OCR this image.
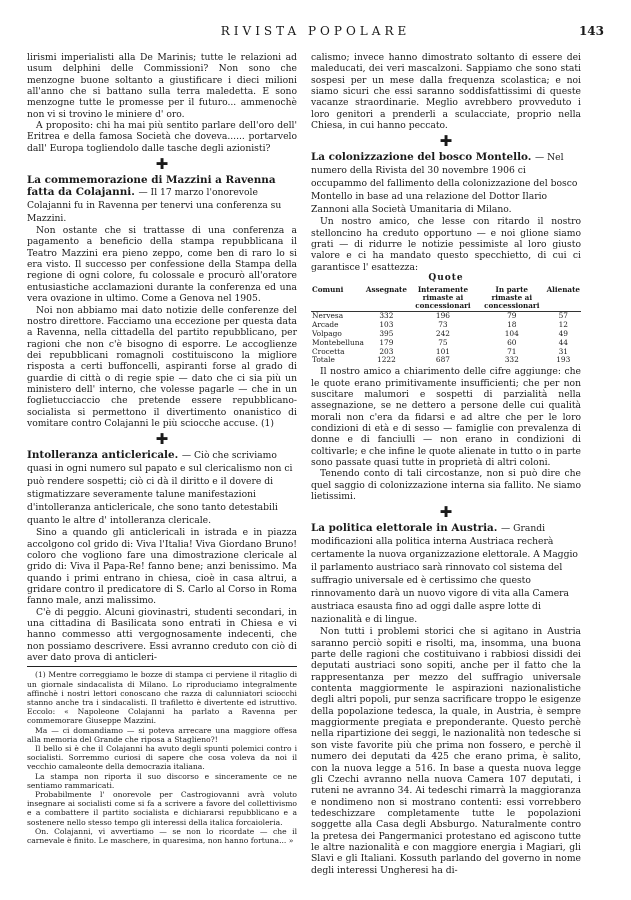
RIVISTA POPOLARE	143

lirismi imperialisti alla De Marinis; tutte le relazioni ad usum delphini delle Commissioni? Non sono che menzogne buone soltanto a giustificare i dieci milioni all'anno che si battano sulla terra maledetta. E sono menzogne tutte le promesse per il futuro... ammenochè non vi si trovino le miniere d' oro.

A proposito: chi ha mai più sentito parlare dell'oro dell' Eritrea e della famosa Società che doveva...... portarvelo dall' Europa togliendolo dalle tasche degli azionisti?

✚

La commemorazione di Mazzini a Ravenna fatta da Colajanni. — Il 17 marzo l'onorevole Colajanni fu in Ravenna per tenervi una conferenza su Mazzini.

Non ostante che si trattasse di una conferenza a pagamento a beneficio della stampa repubblicana il Teatro Mazzini era pieno zeppo, come ben di raro lo si era visto. Il successo per confessione della Stampa della regione di ogni colore, fu colossale e procurò all'oratore entusiastiche acclamazioni durante la conferenza ed una vera ovazione in ultimo. Come a Genova nel 1905.

Noi non abbiamo mai dato notizie delle conferenze del nostro direttore. Facciamo una eccezione per questa data a Ravenna, nella cittadella del partito repubblicano, per ragioni che non c'è bisogno di esporre. Le accoglienze dei repubblicani romagnoli costituiscono la migliore risposta a certi buffoncelli, aspiranti forse al grado di guardie di città o di regie spie — dato che ci sia più un ministero dell' interno, che volesse pagarle — che in un foglietucciaccio che pretende essere repubblicano-socialista si permettono il divertimento onanistico di vomitare contro Colajanni le più sciocche accuse. (1)

✚

Intolleranza anticlericale. — Ciò che scriviamo quasi in ogni numero sul papato e sul clericalismo non ci può rendere sospetti; ciò ci dà il diritto e il dovere di stigmatizzare severamente talune manifestazioni d'intolleranza anticlericale, che sono tanto detestabili quanto le altre d' intolleranza clericale.

Sino a quando gli anticlericali in istrada e in piazza accolgono col grido di: Viva l'Italia! Viva Giordano Bruno! coloro che vogliono fare una dimostrazione clericale al grido di: Viva il Papa-Re! fanno bene; anzi benissimo. Ma quando i primi entrano in chiesa, cioè in casa altrui, a gridare contro il predicatore di S. Carlo al Corso in Roma fanno male, anzi malissimo.

C'è di peggio. Alcuni giovinastri, studenti secondari, in una cittadina di Basilicata sono entrati in Chiesa e vi hanno commesso atti vergognosamente indecenti, che non possiamo descrivere. Essi avranno creduto con ciò di aver dato prova di anticleri-

(1) Mentre correggiamo le bozze di stampa ci perviene il ritaglio di un giornale sindacalista di Milano. Lo riproduciamo integralmente affinchè i nostri lettori conoscano che razza di calunniatori sciocchi stanno anche tra i sindacalisti. Il trafiletto è divertente ed istruttivo. Eccolo: « Napoleone Colajanni ha parlato a Ravenna per commemorare Giuseppe Mazzini.

Ma — ci domandiamo — si poteva arrecare una maggiore offesa alla memoria del Grande che riposa a Staglieno?!

Il bello si è che il Colajanni ha avuto degli spunti polemici contro i socialisti. Sorremmo curiosi di sapere che cosa voleva da noi il vecchio camaleonte della democrazia italiana.

La stampa non riporta il suo discorso e sinceramente ce ne sentiamo rammaricati.

Probabilmente l' onorevole per Castrogiovanni avrà voluto insegnare ai socialisti come si fa a scrivere a favore del collettivismo e a combattere il partito socialista e dichiararsi repubblicano e a sostenere nello stesso tempo gli interessi della italica forcaioleria.

On. Colajanni, vi avvertiamo — se non lo ricordate — che il carnevale è finito. Le maschere, in quaresima, non hanno fortuna... »

calismo; invece hanno dimostrato soltanto di essere dei maleducati, dei veri mascalzoni. Sappiamo che sono stati sospesi per un mese dalla frequenza scolastica; e noi siamo sicuri che essi saranno soddisfattissimi di queste vacanze straordinarie. Meglio avrebbero provveduto i loro genitori a prenderli a sculacciate, proprio nella Chiesa, in cui hanno peccato.

✚

La colonizzazione del bosco Montello. — Nel numero della Rivista del 30 novembre 1906 ci occupammo del fallimento della colonizzazione del bosco Montello in base ad una relazione del Dottor Ilario Zannoni alla Società Umanitaria di Milano.

Un nostro amico, che lesse con ritardo il nostro stelloncino ha creduto opportuno — e noi glione siamo grati — di ridurre le notizie pessimiste al loro giusto valore e ci ha mandato questo specchietto, di cui ci garantisce l' esattezza:

Quote
Comuni	Assegnate	Interamente rimaste ai concessionari	In parte rimaste ai concessionari	Alienate

Nervesa	332	196	79	57
Arcade	103	73	18	12
Volpago	395	242	104	49
Montebelluna	179	75	60	44
Crocetta	203	101	71	31
Totale	1222	687	332	193

Il nostro amico a chiarimento delle cifre aggiunge: che le quote erano primitivamente insufficienti; che per non suscitare malumori e sospetti di parzialità nella assegnazione, se ne dettero a persone delle cui qualità morali non c'era da fidarsi e ad altre che per le loro condizioni di età e di sesso — famiglie con prevalenza di donne e di fanciulli — non erano in condizioni di coltivarle; e che infine le quote alienate in tutto o in parte sono passate quasi tutte in proprietà di altri coloni.

Tenendo conto di tali circostanze, non si può dire che quel saggio di colonizzazione interna sia fallito. Ne siamo lietissimi.

✚

La politica elettorale in Austria. — Grandi modificazioni alla politica interna Austriaca recherà certamente la nuova organizzazione elettorale. A Maggio il parlamento austriaco sarà rinnovato col sistema del suffragio universale ed è certissimo che questo rinnovamento darà un nuovo vigore di vita alla Camera austriaca esausta fino ad oggi dalle aspre lotte di nazionalità e di lingue.

Non tutti i problemi storici che si agitano in Austria saranno perciò sopiti e risolti, ma, insomma, una buona parte delle ragioni che costituivano i rabbiosi dissidi dei deputati austriaci sono sopiti, anche per il fatto che la rappresentanza per mezzo del suffragio universale contenta maggiormente le aspirazioni nazionalistiche degli altri popoli, pur senza sacrificare troppo le esigenze della popolazione tedesca, la quale, in Austria, è sempre maggiormente pregiata e preponderante. Questo perchè nella ripartizione dei seggi, le nazionalità non tedesche si son viste favorite più che prima non fossero, e perchè il numero dei deputati da 425 che erano prima, è salito, con la nuova legge a 516. In base a questa nuova legge gli Czechi avranno nella nuova Camera 107 deputati, i ruteni ne avranno 34. Ai tedeschi rimarrà la maggioranza e nondimeno non si mostrano contenti: essi vorrebbero tedeschizzare completamente tutte le popolazioni soggette alla Casa degli Absburgo. Naturalmente contro la pretesa dei Pangermanici protestano ed agiscono tutte le altre nazionalità e con maggiore energia i Magiari, gli Slavi e gli Italiani. Kossuth parlando del governo in nome degli interessi Ungheresi ha di-
